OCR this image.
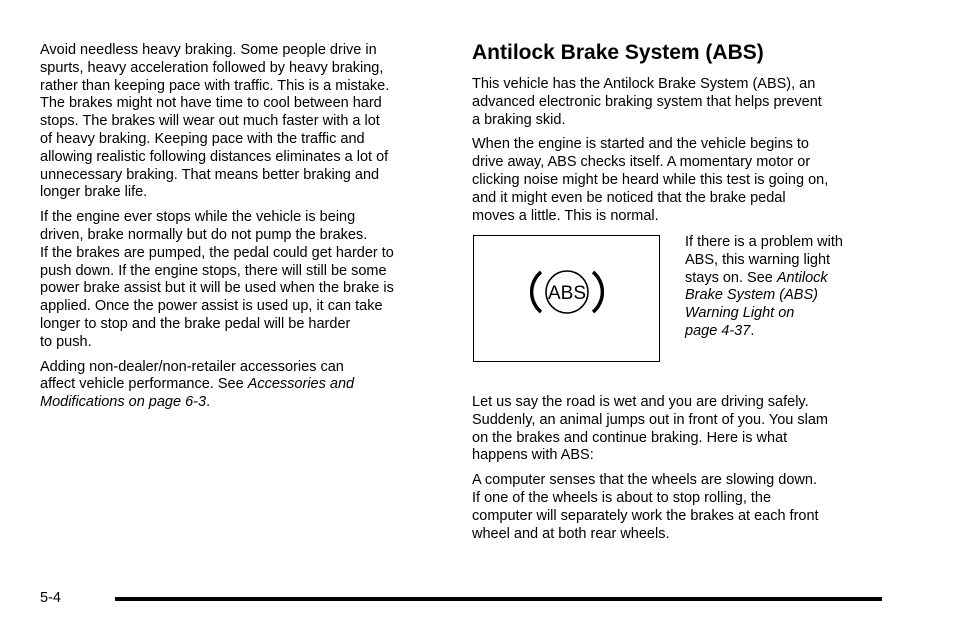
Avoid needless heavy braking. Some people drive in
spurts, heavy acceleration followed by heavy braking,
rather than keeping pace with traffic. This is a mistake.
The brakes might not have time to cool between hard
stops. The brakes will wear out much faster with a lot
of heavy braking. Keeping pace with the traffic and
allowing realistic following distances eliminates a lot of
unnecessary braking. That means better braking and
longer brake life.

If the engine ever stops while the vehicle is being
driven, brake normally but do not pump the brakes.
If the brakes are pumped, the pedal could get harder to
push down. If the engine stops, there will still be some
power brake assist but it will be used when the brake is
applied. Once the power assist is used up, it can take
longer to stop and the brake pedal will be harder
to push.

Adding non-dealer/non-retailer accessories can
affect vehicle performance. See Accessories and
Modifications on page 6-3.

Antilock Brake System (ABS)

This vehicle has the Antilock Brake System (ABS), an
advanced electronic braking system that helps prevent
a braking skid.

When the engine is started and the vehicle begins to
drive away, ABS checks itself. A momentary motor or
clicking noise might be heard while this test is going on,
and it might even be noticed that the brake pedal
moves a little. This is normal.

ABS
If there is a problem with
ABS, this warning light
stays on. See Antilock
Brake System (ABS)
Warning Light on
page 4-37.

Let us say the road is wet and you are driving safely.
Suddenly, an animal jumps out in front of you. You slam
on the brakes and continue braking. Here is what
happens with ABS:

A computer senses that the wheels are slowing down.
If one of the wheels is about to stop rolling, the
computer will separately work the brakes at each front
wheel and at both rear wheels.

5-4
